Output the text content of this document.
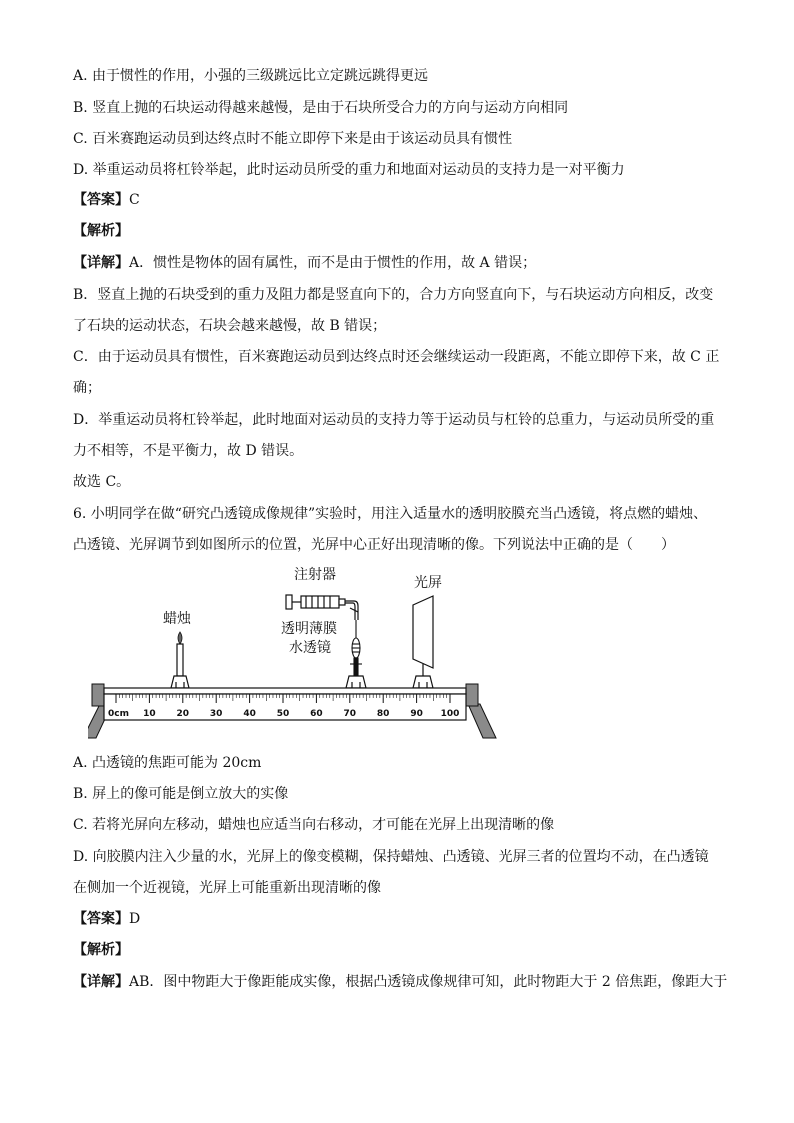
A. 由于惯性的作用，小强的三级跳远比立定跳远跳得更远
B. 竖直上抛的石块运动得越来越慢，是由于石块所受合力的方向与运动方向相同
C. 百米赛跑运动员到达终点时不能立即停下来是由于该运动员具有惯性
D. 举重运动员将杠铃举起，此时运动员所受的重力和地面对运动员的支持力是一对平衡力
【答案】C
【解析】
【详解】A．惯性是物体的固有属性，而不是由于惯性的作用，故 A 错误；
B．竖直上抛的石块受到的重力及阻力都是竖直向下的，合力方向竖直向下，与石块运动方向相反，改变
了石块的运动状态，石块会越来越慢，故 B 错误；
C．由于运动员具有惯性，百米赛跑运动员到达终点时还会继续运动一段距离，不能立即停下来，故 C 正
确；
D．举重运动员将杠铃举起，此时地面对运动员的支持力等于运动员与杠铃的总重力，与运动员所受的重
力不相等，不是平衡力，故 D 错误。
故选 C。
6. 小明同学在做“研究凸透镜成像规律”实验时，用注入适量水的透明胶膜充当凸透镜，将点燃的蜡烛、
凸透镜、光屏调节到如图所示的位置，光屏中心正好出现清晰的像。下列说法中正确的是（　　）
注射器	光屏
蜡烛
透明薄膜
水透镜
0cm 10 20 30 40 50 60 70 80 90 100
A. 凸透镜的焦距可能为 20cm
B. 屏上的像可能是倒立放大的实像
C. 若将光屏向左移动，蜡烛也应适当向右移动，才可能在光屏上出现清晰的像
D. 向胶膜内注入少量的水，光屏上的像变模糊，保持蜡烛、凸透镜、光屏三者的位置均不动，在凸透镜
在侧加一个近视镜，光屏上可能重新出现清晰的像
【答案】D
【解析】
【详解】AB．图中物距大于像距能成实像，根据凸透镜成像规律可知，此时物距大于 2 倍焦距，像距大于
